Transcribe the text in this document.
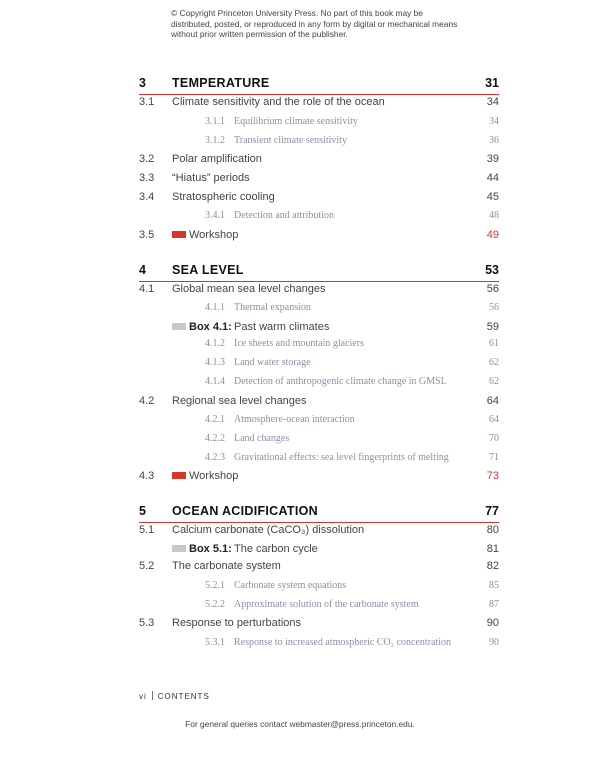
© Copyright Princeton University Press. No part of this book may be distributed, posted, or reproduced in any form by digital or mechanical means without prior written permission of the publisher.
3 TEMPERATURE	31
3.1 Climate sensitivity and the role of the ocean	34
3.1.1 Equilibrium climate sensitivity	34
3.1.2 Transient climate sensitivity	36
3.2 Polar amplification	39
3.3 “Hiatus” periods	44
3.4 Stratospheric cooling	45
3.4.1 Detection and attribution	48
3.5	Workshop	49
4 SEA LEVEL	53
4.1 Global mean sea level changes	56
4.1.1 Thermal expansion	56
Box 4.1: Past warm climates	59
4.1.2 Ice sheets and mountain glaciers	61
4.1.3 Land water storage	62
4.1.4 Detection of anthropogenic climate change in GMSL	62
4.2 Regional sea level changes	64
4.2.1 Atmosphere-ocean interaction	64
4.2.2 Land changes	70
4.2.3 Gravitational effects: sea level fingerprints of melting	71
4.3	Workshop	73
5 OCEAN ACIDIFICATION	77
5.1 Calcium carbonate (CaCO₃) dissolution	80
Box 5.1: The carbon cycle	81
5.2 The carbonate system	82
5.2.1 Carbonate system equations	85
5.2.2 Approximate solution of the carbonate system	87
5.3 Response to perturbations	90
5.3.1 Response to increased atmospheric CO₂ concentration	90
vi CONTENTS
For general queries contact webmaster@press.princeton.edu.
